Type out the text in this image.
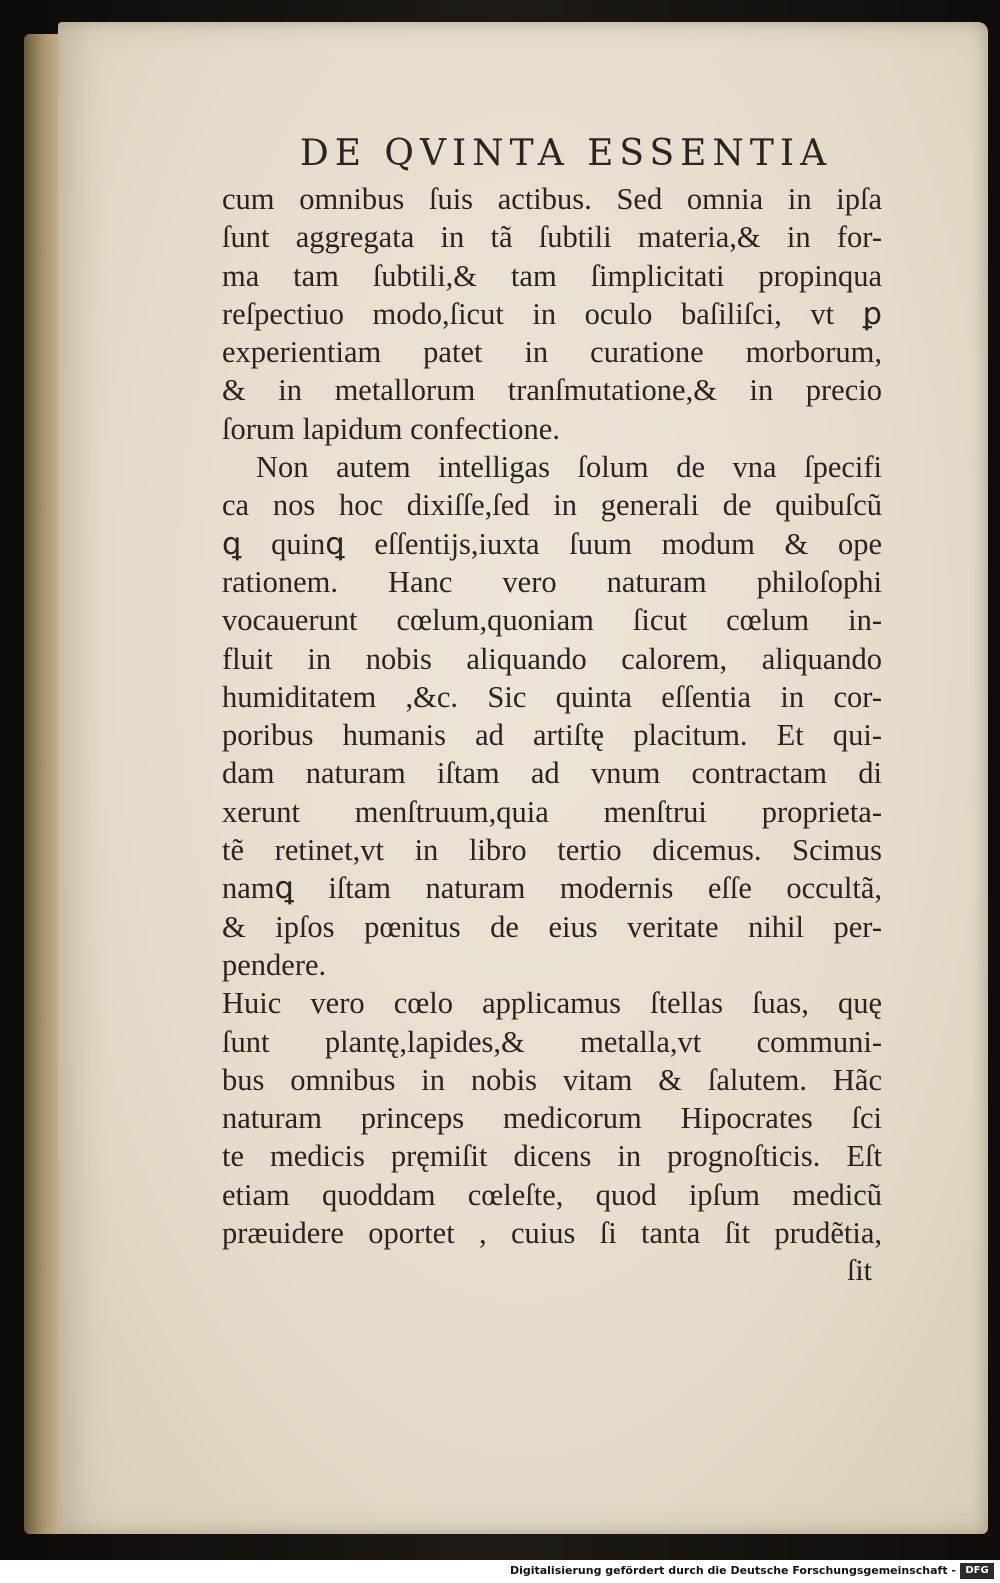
DE QVINTA ESSENTIA
cum omnibus ſuis actibus. Sed omnia in ipſa
ſunt aggregata in tã ſubtili materia,& in for-
ma tam ſubtili,& tam ſimplicitati propinqua
reſpectiuo modo,ſicut in oculo baſiliſci, vt ꝑ
experientiam patet in curatione morborum,
& in metallorum tranſmutatione,& in precio
ſorum lapidum confectione.
Non autem intelligas ſolum de vna ſpecifi
ca nos hoc dixiſſe,ſed in generali de quibuſcũ
ꝗ quinꝗ eſſentijs,iuxta ſuum modum & ope
rationem. Hanc vero naturam philoſophi
vocauerunt cœlum,quoniam ſicut cœlum in-
fluit in nobis aliquando calorem, aliquando
humiditatem ,&c. Sic quinta eſſentia in cor-
poribus humanis ad artiſtę placitum. Et qui-
dam naturam iſtam ad vnum contractam di
xerunt menſtruum,quia menſtrui proprieta-
tẽ retinet,vt in libro tertio dicemus. Scimus
namꝗ iſtam naturam modernis eſſe occultã,
& ipſos pœnitus de eius veritate nihil per-
pendere.
Huic vero cœlo applicamus ſtellas ſuas, quę
ſunt plantę,lapides,& metalla,vt communi-
bus omnibus in nobis vitam & ſalutem. Hãc
naturam princeps medicorum Hipocrates ſci
te medicis pręmiſit dicens in prognoſticis. Eſt
etiam quoddam cœleſte, quod ipſum medicũ
præuidere oportet , cuius ſi tanta ſit prudẽtia,
ſit
Digitalisierung gefördert durch die Deutsche Forschungsgemeinschaft - DFG
